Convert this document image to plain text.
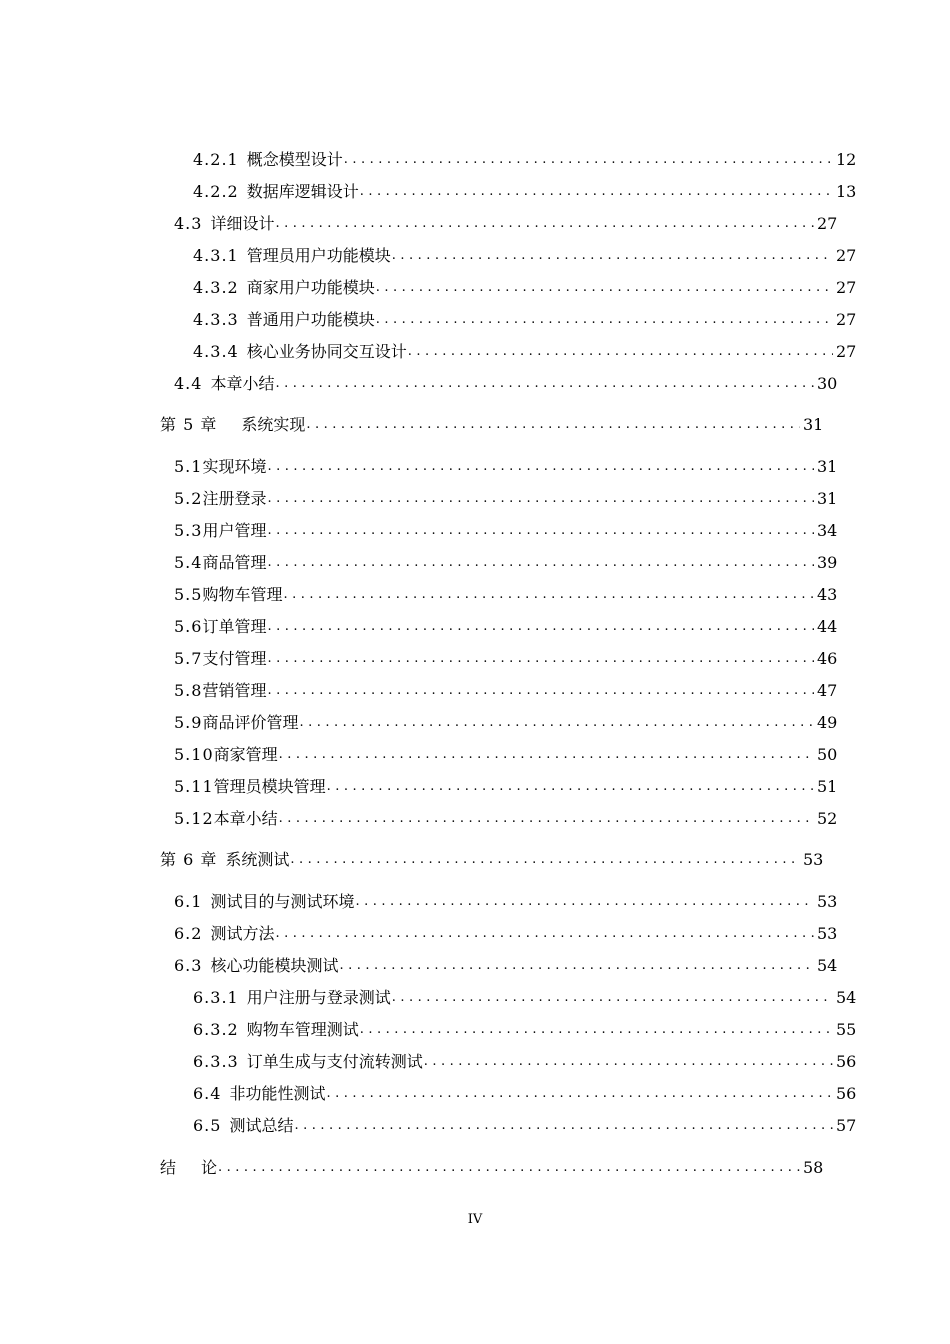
4.2.1 概念模型设计 .....	12
4.2.2 数据库逻辑设计 .....	13
4.3 详细设计 .....	27
4.3.1 管理员用户功能模块 .....	27
4.3.2 商家用户功能模块 .....	27
4.3.3 普通用户功能模块 .....	27
4.3.4 核心业务协同交互设计 .....	27
4.4 本章小结 .....	30
第 5 章 系统实现 .....	31
5.1 实现环境 .....	31
5.2 注册登录 .....	31
5.3 用户管理 .....	34
5.4 商品管理 .....	39
5.5 购物车管理 .....	43
5.6 订单管理 .....	44
5.7 支付管理 .....	46
5.8 营销管理 .....	47
5.9 商品评价管理 .....	49
5.10 商家管理 .....	50
5.11 管理员模块管理 .....	51
5.12 本章小结 .....	52
第 6 章 系统测试 .....	53
6.1 测试目的与测试环境 .....	53
6.2 测试方法 .....	53
6.3 核心功能模块测试 .....	54
6.3.1 用户注册与登录测试 .....	54
6.3.2 购物车管理测试 .....	55
6.3.3 订单生成与支付流转测试 .....	56
6.4 非功能性测试 .....	56
6.5 测试总结 .....	57
结 论 .....	58
IV
